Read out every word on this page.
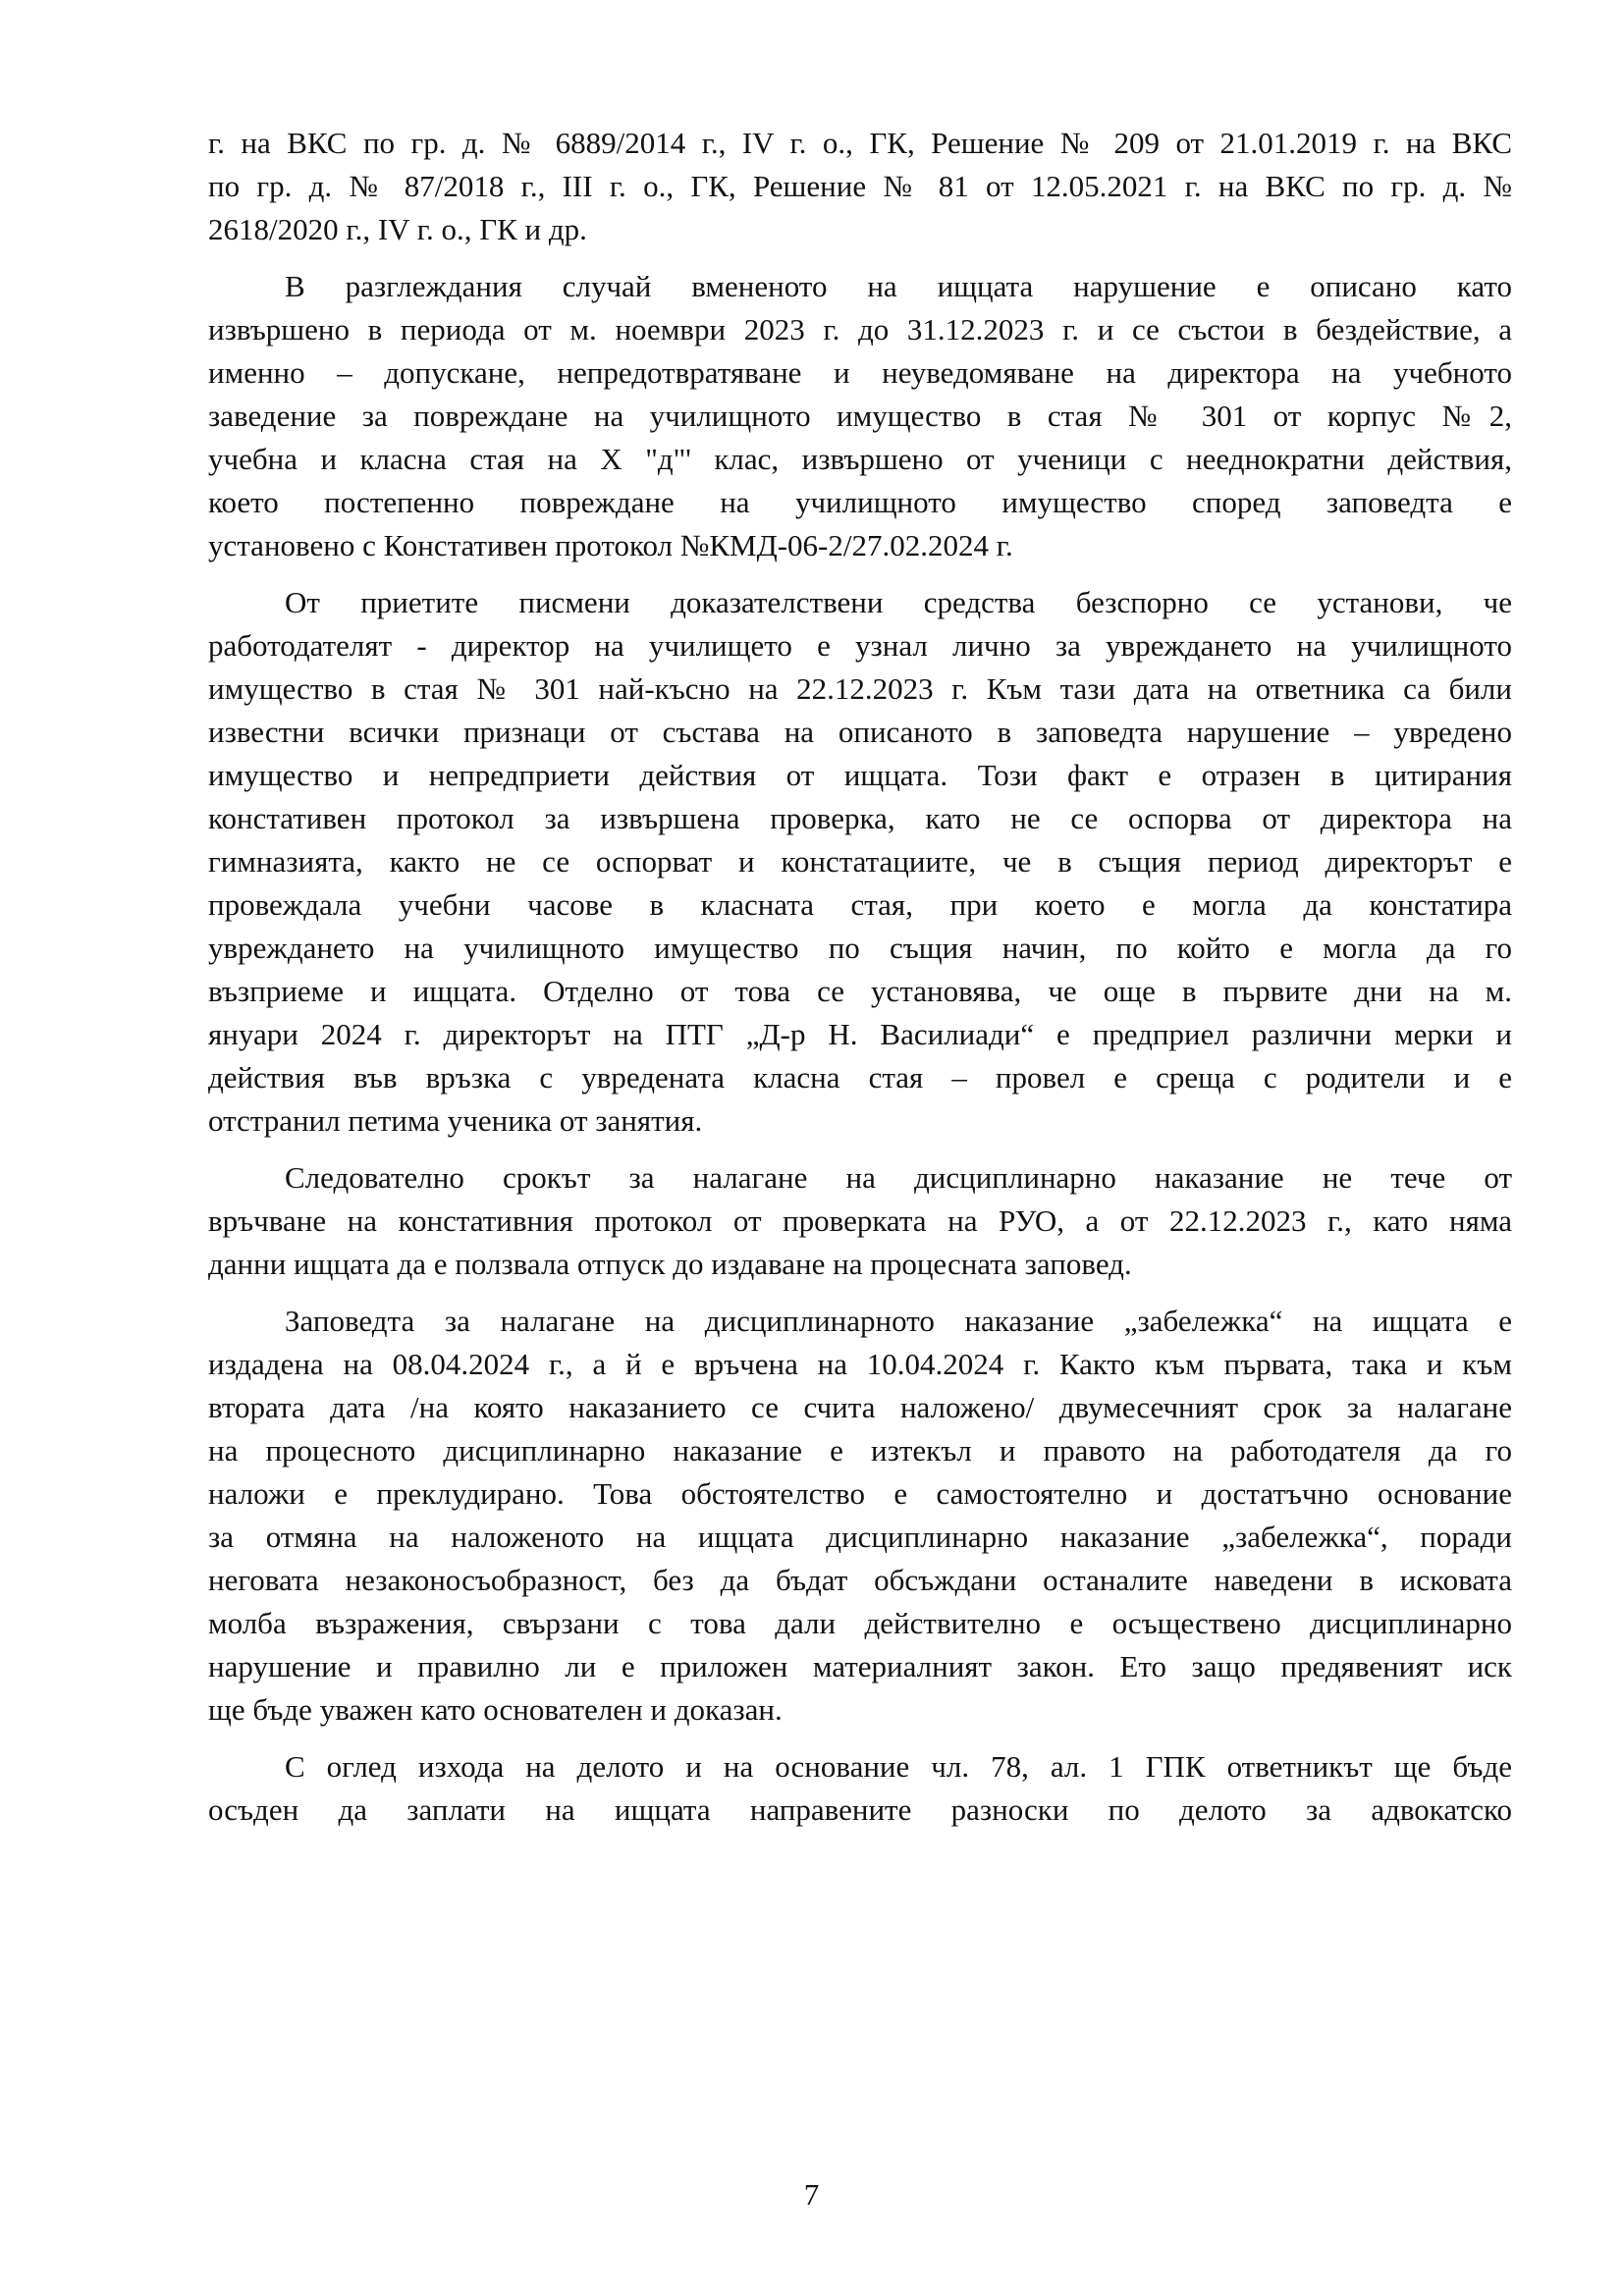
г. на ВКС по гр. д. № 6889/2014 г., IV г. о., ГК, Решение № 209 от 21.01.2019 г. на ВКС
по гр. д. № 87/2018 г., III г. о., ГК, Решение № 81 от 12.05.2021 г. на ВКС по гр. д. №
2618/2020 г., IV г. о., ГК и др.
В разглеждания случай вмененото на ищцата нарушение е описано като
извършено в периода от м. ноември 2023 г. до 31.12.2023 г. и се състои в бездействие, а
именно – допускане, непредотвратяване и неуведомяване на директора на учебното
заведение за повреждане на училищното имущество в стая № 301 от корпус №2,
учебна и класна стая на Х "д"' клас, извършено от ученици с нееднократни действия,
което постепенно повреждане на училищното имущество според заповедта е
установено с Констативен протокол №КМД-06-2/27.02.2024 г.
От приетите писмени доказателствени средства безспорно се установи, че
работодателят - директор на училището е узнал лично за увреждането на училищното
имущество в стая № 301 най-късно на 22.12.2023 г. Към тази дата на ответника са били
известни всички признаци от състава на описаното в заповедта нарушение – увредено
имущество и непредприети действия от ищцата. Този факт е отразен в цитирания
констативен протокол за извършена проверка, като не се оспорва от директора на
гимназията, както не се оспорват и констатациите, че в същия период директорът е
провеждала учебни часове в класната стая, при което е могла да констатира
увреждането на училищното имущество по същия начин, по който е могла да го
възприеме и ищцата. Отделно от това се установява, че още в първите дни на м.
януари 2024 г. директорът на ПТГ „Д-р Н. Василиади“ е предприел различни мерки и
действия във връзка с увредената класна стая – провел е среща с родители и е
отстранил петима ученика от занятия.
Следователно срокът за налагане на дисциплинарно наказание не тече от
връчване на констативния протокол от проверката на РУО, а от 22.12.2023 г., като няма
данни ищцата да е ползвала отпуск до издаване на процесната заповед.
Заповедта за налагане на дисциплинарното наказание „забележка“ на ищцата е
издадена на 08.04.2024 г., а й е връчена на 10.04.2024 г. Както към първата, така и към
втората дата /на която наказанието се счита наложено/ двумесечният срок за налагане
на процесното дисциплинарно наказание е изтекъл и правото на работодателя да го
наложи е преклудирано. Това обстоятелство е самостоятелно и достатъчно основание
за отмяна на наложеното на ищцата дисциплинарно наказание „забележка“, поради
неговата незаконосъобразност, без да бъдат обсъждани останалите наведени в исковата
молба възражения, свързани с това дали действително е осъществено дисциплинарно
нарушение и правилно ли е приложен материалният закон. Ето защо предявеният иск
ще бъде уважен като основателен и доказан.
С оглед изхода на делото и на основание чл. 78, ал. 1 ГПК ответникът ще бъде
осъден да заплати на ищцата направените разноски по делото за адвокатско
7
